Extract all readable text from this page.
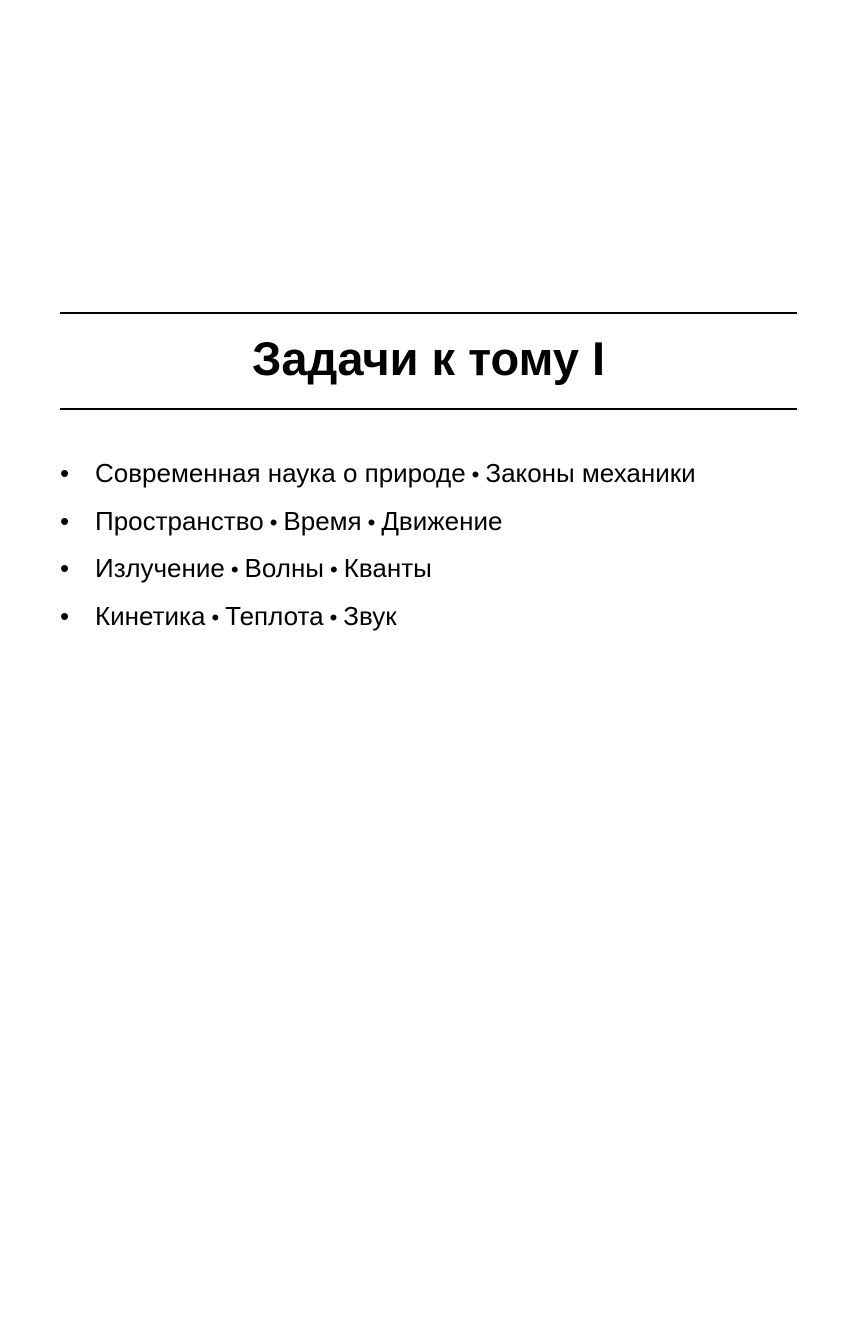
Задачи к тому I
• Современная наука о природе • Законы механики
• Пространство • Время • Движение
• Излучение • Волны • Кванты
• Кинетика • Теплота • Звук
